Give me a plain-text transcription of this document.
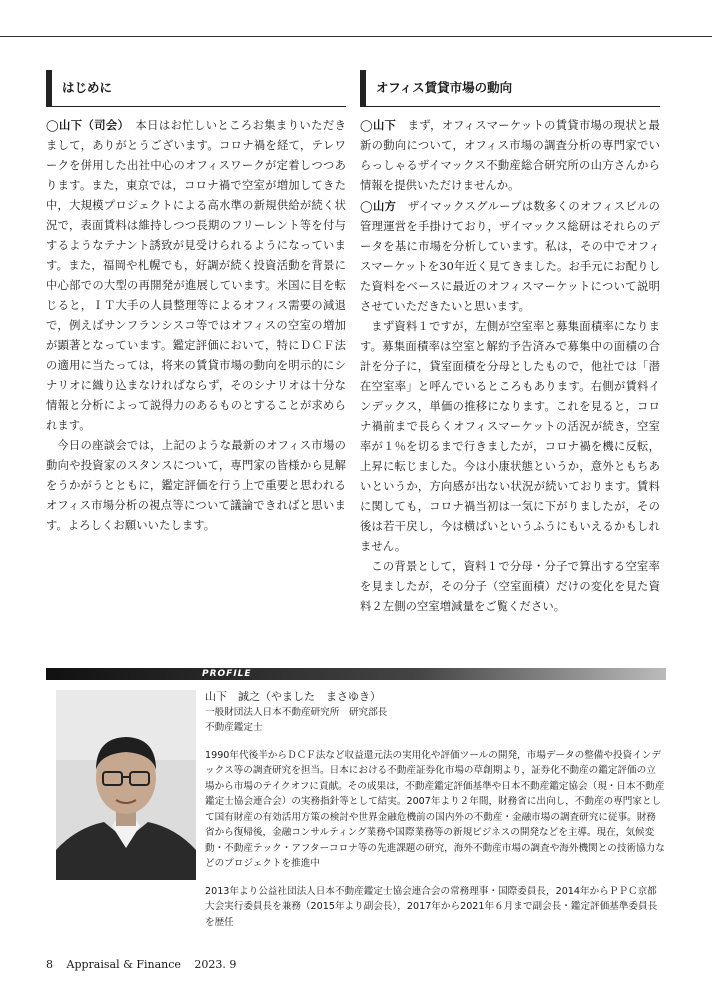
はじめに

◯山下（司会）　 本日はお忙しいところお集まりいただきまして，ありがとうございます。コロナ禍を経て，テレワークを併用した出社中心のオフィスワークが定着しつつあります。また，東京では，コロナ禍で空室が増加してきた中，大規模プロジェクトによる高水準の新規供給が続く状況で，表面賃料は維持しつつ長期のフリーレント等を付与するようなテナント誘致が見受けられるようになっています。また，福岡や札幌でも，好調が続く投資活動を背景に中心部での大型の再開発が進展しています。米国に目を転じると，ＩＴ大手の人員整理等によるオフィス需要の減退で，例えばサンフランシスコ等ではオフィスの空室の増加が顕著となっています。鑑定評価において，特にＤＣＦ法の適用に当たっては，将来の賃貸市場の動向を明示的にシナリオに織り込まなければならず，そのシナリオは十分な情報と分析によって説得力のあるものとすることが求められます。

今日の座談会では，上記のような最新のオフィス市場の動向や投資家のスタンスについて，専門家の皆様から見解をうかがうとともに，鑑定評価を行う上で重要と思われるオフィス市場分析の視点等について議論できればと思います。よろしくお願いいたします。

オフィス賃貸市場の動向

◯山下　 まず，オフィスマーケットの賃貸市場の現状と最新の動向について，オフィス市場の調査分析の専門家でいらっしゃるザイマックス不動産総合研究所の山方さんから情報を提供いただけませんか。

◯山方　 ザイマックスグループは数多くのオフィスビルの管理運営を手掛けており，ザイマックス総研はそれらのデータを基に市場を分析しています。私は，その中でオフィスマーケットを30年近く見てきました。お手元にお配りした資料をベースに最近のオフィスマーケットについて説明させていただきたいと思います。

まず資料１ですが，左側が空室率と募集面積率になります。募集面積率は空室と解約予告済みで募集中の面積の合計を分子に，貸室面積を分母としたもので，他社では「潜在空室率」と呼んでいるところもあります。右側が賃料インデックス，単価の推移になります。これを見ると，コロナ禍前まで長らくオフィスマーケットの活況が続き，空室率が１％を切るまで行きましたが，コロナ禍を機に反転，上昇に転じました。今は小康状態というか，意外ともちあいというか，方向感が出ない状況が続いております。賃料に関しても，コロナ禍当初は一気に下がりましたが，その後は若干戻し，今は横ばいというふうにもいえるかもしれません。

この背景として，資料１で分母・分子で算出する空室率を見ましたが，その分子（空室面積）だけの変化を見た資料２左側の空室増減量をご覧ください。

PROFILE

山下　誠之（やました　まさゆき）

一般財団法人日本不動産研究所　研究部長

不動産鑑定士

1990年代後半からＤＣＦ法など収益還元法の実用化や評価ツールの開発，市場データの整備や投資インデックス等の調査研究を担当。日本における不動産証券化市場の草創期より，証券化不動産の鑑定評価の立場から市場のテイクオフに貢献。その成果は，不動産鑑定評価基準や日本不動産鑑定協会（現・日本不動産鑑定士協会連合会）の実務指針等として結実。2007年より２年間，財務省に出向し，不動産の専門家として国有財産の有効活用方策の検討や世界金融危機前の国内外の不動産・金融市場の調査研究に従事。財務省から復帰後，金融コンサルティング業務や国際業務等の新規ビジネスの開発などを主導。現在，気候変動・不動産テック・アフターコロナ等の先進課題の研究，海外不動産市場の調査や海外機関との技術協力などのプロジェクトを推進中

2013年より公益社団法人日本不動産鑑定士協会連合会の常務理事・国際委員長，2014年からＰＰＣ京都大会実行委員長を兼務（2015年より副会長），2017年から2021年６月まで副会長・鑑定評価基準委員長を歴任

8 Appraisal & Finance 2023. 9
